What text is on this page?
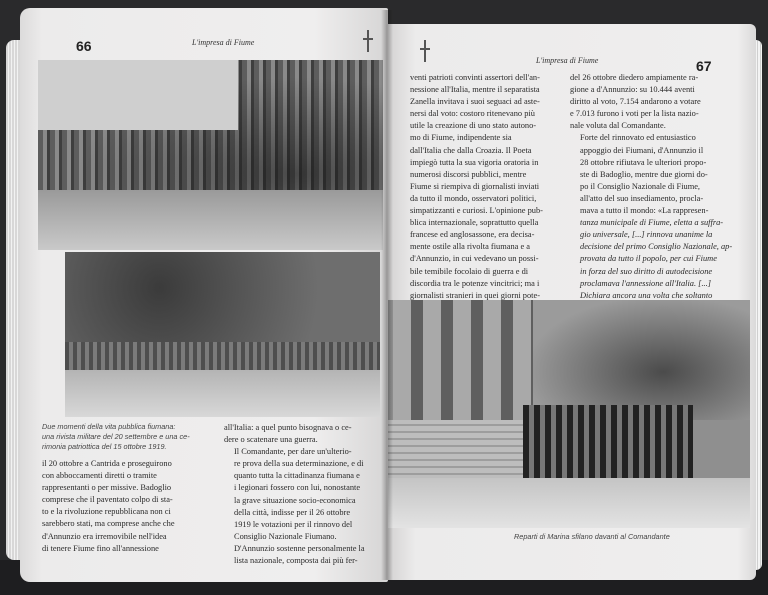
66	L'impresa di Fiume
Due momenti della vita pubblica fiumana:
una rivista militare del 20 settembre e una ce-
rimonia patriottica del 15 ottobre 1919.

il 20 ottobre a Cantrida e proseguirono
con abboccamenti diretti o tramite
rappresentanti o per missive. Badoglio
comprese che il paventato colpo di sta-
to e la rivoluzione repubblicana non ci
sarebbero stati, ma comprese anche che
d'Annunzio era irremovibile nell'idea
di tenere Fiume fino all'annessione

all'Italia: a quel punto bisognava o ce-
dere o scatenare una guerra.

Il Comandante, per dare un'ulterio-
re prova della sua determinazione, e di
quanto tutta la cittadinanza fiumana e
i legionari fossero con lui, nonostante
la grave situazione socio-economica
della città, indisse per il 26 ottobre
1919 le votazioni per il rinnovo del
Consiglio Nazionale Fiumano.
D'Annunzio sostenne personalmente la
lista nazionale, composta dai più fer-

L'impresa di Fiume	67

venti patrioti convinti assertori dell'an-
nessione all'Italia, mentre il separatista
Zanella invitava i suoi seguaci ad aste-
nersi dal voto: costoro ritenevano più
utile la creazione di uno stato autono-
mo di Fiume, indipendente sia
dall'Italia che dalla Croazia. Il Poeta
impiegò tutta la sua vigoria oratoria in
numerosi discorsi pubblici, mentre
Fiume si riempiva di giornalisti inviati
da tutto il mondo, osservatori politici,
simpatizzanti e curiosi. L'opinione pub-
blica internazionale, soprattutto quella
francese ed anglosassone, era decisa-
mente ostile alla rivolta fiumana e a
d'Annunzio, in cui vedevano un possi-
bile temibile focolaio di guerra e di
discordia tra le potenze vincitrici; ma i
giornalisti stranieri in quei giorni pote-

del 26 ottobre diedero ampiamente ra-
gione a d'Annunzio: su 10.444 aventi
diritto al voto, 7.154 andarono a votare
e 7.013 furono i voti per la lista nazio-
nale voluta dal Comandante.

Forte del rinnovato ed entusiastico
appoggio dei Fiumani, d'Annunzio il
28 ottobre rifiutava le ulteriori propo-
ste di Badoglio, mentre due giorni do-
po il Consiglio Nazionale di Fiume,
all'atto del suo insediamento, procla-
mava a tutto il mondo: «La rappresen-
tanza municipale di Fiume, eletta a suffra-
gio universale, [...] rinnova unanime la
decisione del primo Consiglio Nazionale, ap-
provata da tutto il popolo, per cui Fiume
in forza del suo diritto di autodecisione
proclamava l'annessione all'Italia. [...]
Dichiara ancora una volta che soltanto

Reparti di Marina sfilano davanti al Comandante
